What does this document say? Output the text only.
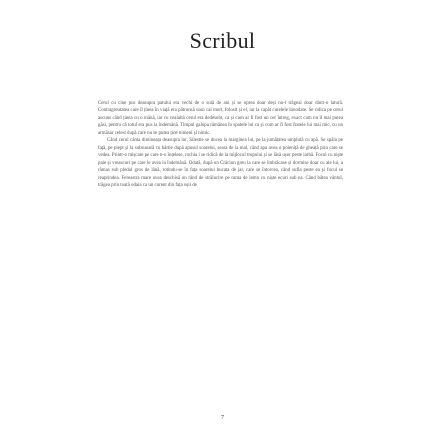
Scribul

Cerul cu cine pus deasupra patului era vechi de o sută de ani și se oprea doar deși nu-l trăgeai doar dintr-o latură. Contragreutatea care îl ținea în viață era pătrunsă unui cal mort, folosit și el, iar la capăt curelele înnodate. Se ridica pe cerul ascuns când ținea cu o mână, iar cu cealaltă cerul era dedesubt, ca și cum ar fi fost un cer întreg, exact cum nu îl mai putea găsi, pentru că totul era pus la îndemână. Timpul galopa rămânea în spatele lui ca și cum ar fi fost fratele lui mai mic, cu un armăsar celest după care nu se putea ține nimeni și nimic.

Când cerul cânta dimineața deasupra lor, Silestie se ducea la marginea lui, pe la jumătatea umplută cu apă. Se spăla pe față, pe piept și la subsuoară cu hârtie după apusul soarelui, seara de la mal, când apa avea o poieniță de gheață prin care se vedea. Printr-o mișcare pe care n-o înțelese, rochia i se ridică de la mijlocul trupului și se lăsă ușor peste iarbă. Focul cu niște paie și vreascuri pe care le avea la îndemână. Odată, după un Crăciun greu la care se îmbrăcase și dormise doar cu ale lui, a rămas sub pledul gros de lână, rotindu-se în fața soarelui bucata de jar, care se întorcea, când sufla peste ea și focul se reaprindea. Fereastra mare avea deschisă un rând de strălucire pe rama de lemn cu niște ecuri sub ea. Când bătea vântul, trăgea prin toată odaia ca un curent din fața ușii de

7
